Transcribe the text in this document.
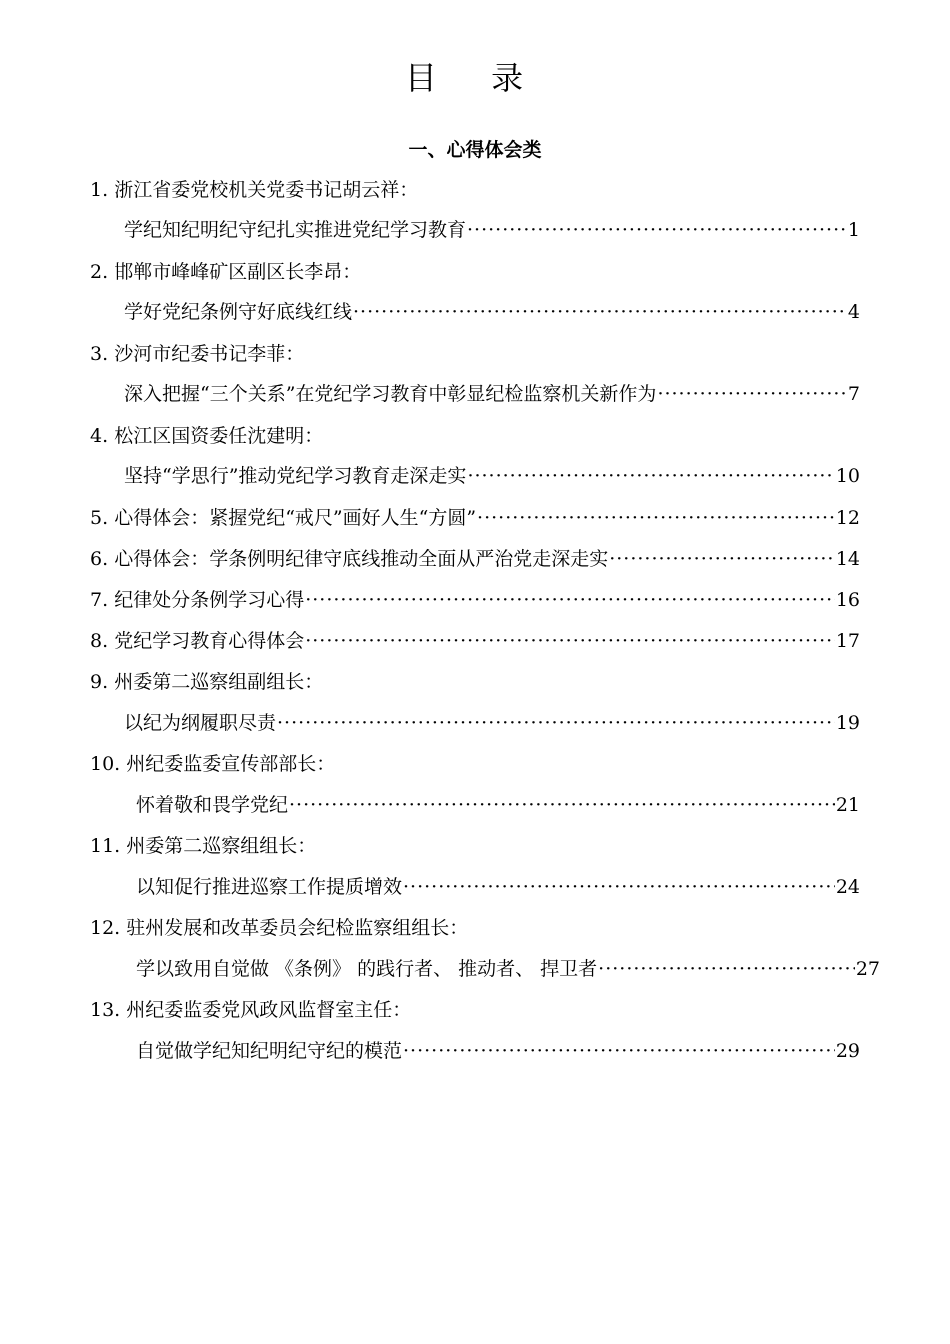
目 录
一、心得体会类
1.
浙江省委党校机关党委书记胡云祥：
学纪知纪明纪守纪扎实推进党纪学习教育 ·····	1
2.
邯郸市峰峰矿区副区长李昂：
学好党纪条例守好底线红线 ·····	4
3.
沙河市纪委书记李菲：
深入把握“三个关系”在党纪学习教育中彰显纪检监察机关新作为 ·····	7
4.
松江区国资委任沈建明：
坚持“学思行”推动党纪学习教育走深走实 ·····	10
5.
心得体会：紧握党纪“戒尺”画好人生“方圆” ·····	12
6.
心得体会：学条例明纪律守底线推动全面从严治党走深走实 ·····	14
7.
纪律处分条例学习心得 ·····	16
8.
党纪学习教育心得体会 ·····	17
9.
州委第二巡察组副组长：
以纪为纲履职尽责 ·····	19
10.
州纪委监委宣传部部长：
怀着敬和畏学党纪 ·····	21
11.
州委第二巡察组组长：
以知促行推进巡察工作提质增效 ·····	24
12.
驻州发展和改革委员会纪检监察组组长：
学以致用自觉做 《条例》 的践行者、 推动者、 捍卫者 ·····	27
13.
州纪委监委党风政风监督室主任：
自觉做学纪知纪明纪守纪的模范 ·····	29
